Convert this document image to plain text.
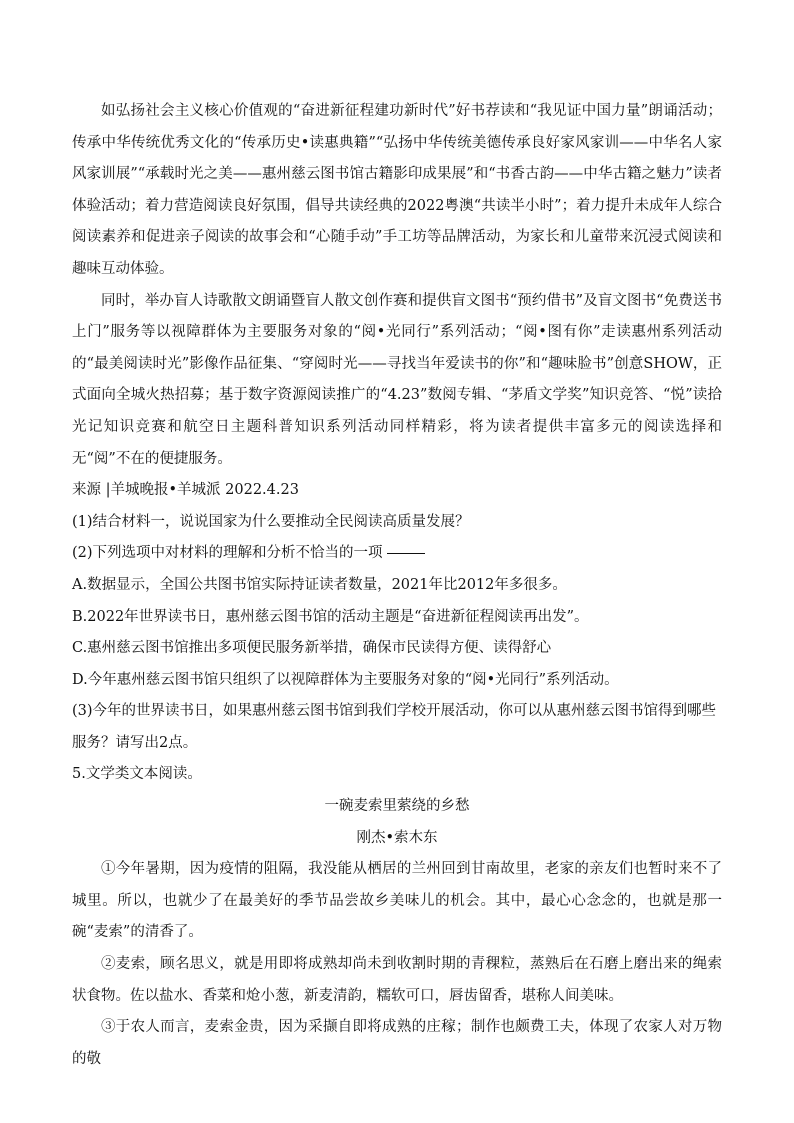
如弘扬社会主义核心价值观的“奋进新征程建功新时代”好书荐读和“我见证中国力量”朗诵活动；传承中华传统优秀文化的“传承历史•读惠典籍”“弘扬中华传统美德传承良好家风家训——中华名人家风家训展”“承载时光之美——惠州慈云图书馆古籍影印成果展”和“书香古韵——中华古籍之魅力”读者体验活动；着力营造阅读良好氛围，倡导共读经典的2022粤澳“共读半小时”；着力提升未成年人综合阅读素养和促进亲子阅读的故事会和“心随手动”手工坊等品牌活动，为家长和儿童带来沉浸式阅读和趣味互动体验。

同时，举办盲人诗歌散文朗诵暨盲人散文创作赛和提供盲文图书“预约借书”及盲文图书“免费送书上门”服务等以视障群体为主要服务对象的“阅•光同行”系列活动；“阅•图有你”走读惠州系列活动的“最美阅读时光”影像作品征集、“穿阅时光——寻找当年爱读书的你”和“趣味脸书”创意SHOW，正式面向全城火热招募；基于数字资源阅读推广的“4.23”数阅专辑、“茅盾文学奖”知识竞答、“悦”读拾光记知识竞赛和航空日主题科普知识系列活动同样精彩，将为读者提供丰富多元的阅读选择和无“阅”不在的便捷服务。

来源 |羊城晚报•羊城派 2022.4.23

(1)结合材料一，说说国家为什么要推动全民阅读高质量发展？

(2)下列选项中对材料的理解和分析不恰当的一项

A.数据显示，全国公共图书馆实际持证读者数量，2021年比2012年多很多。

B.2022年世界读书日，惠州慈云图书馆的活动主题是“奋进新征程阅读再出发”。

C.惠州慈云图书馆推出多项便民服务新举措，确保市民读得方便、读得舒心

D.今年惠州慈云图书馆只组织了以视障群体为主要服务对象的“阅•光同行”系列活动。

(3)今年的世界读书日，如果惠州慈云图书馆到我们学校开展活动，你可以从惠州慈云图书馆得到哪些服务？请写出2点。

5.文学类文本阅读。

一碗麦索里萦绕的乡愁

刚杰•索木东

①今年暑期，因为疫情的阻隔，我没能从栖居的兰州回到甘南故里，老家的亲友们也暂时来不了城里。所以，也就少了在最美好的季节品尝故乡美味儿的机会。其中，最心心念念的，也就是那一碗“麦索”的清香了。

②麦索，顾名思义，就是用即将成熟却尚未到收割时期的青稞粒，蒸熟后在石磨上磨出来的绳索状食物。佐以盐水、香菜和炝小葱，新麦清韵，糯软可口，唇齿留香，堪称人间美味。

③于农人而言，麦索金贵，因为采撷自即将成熟的庄稼；制作也颇费工夫，体现了农家人对万物的敬
